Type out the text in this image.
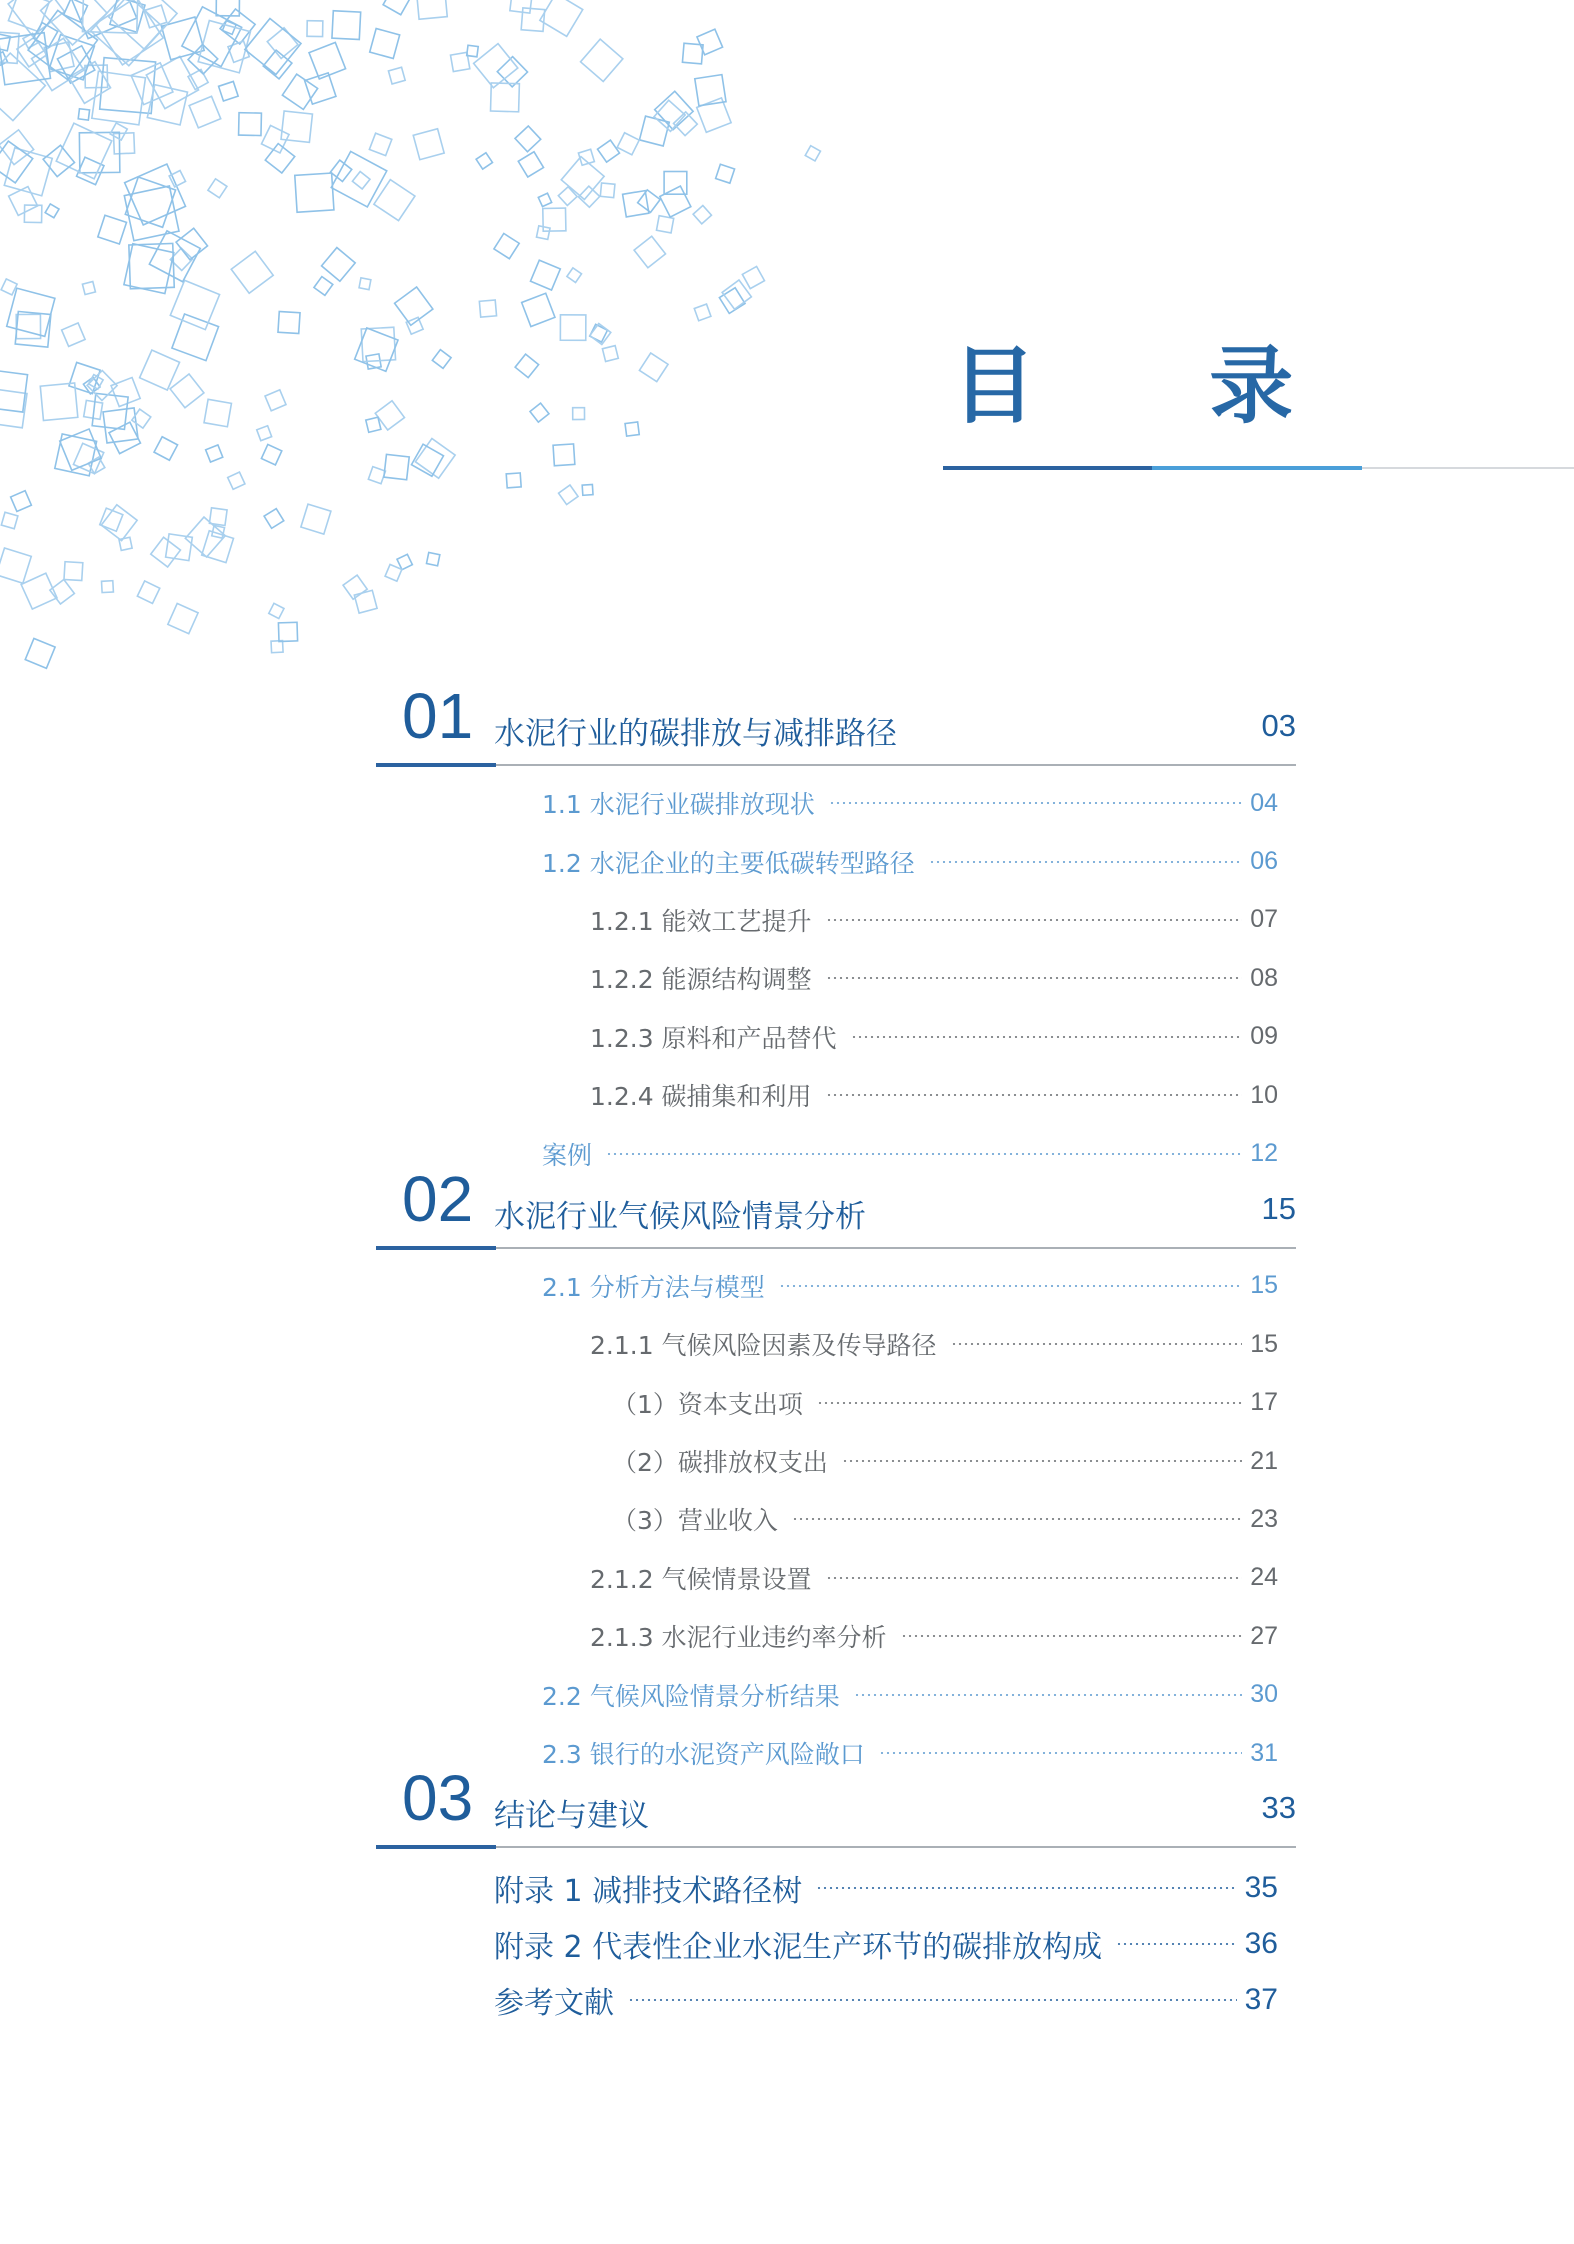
目 录
01 水泥行业的碳排放与减排路径	03
1.1 水泥行业碳排放现状	04
1.2 水泥企业的主要低碳转型路径	06
1.2.1 能效工艺提升	07
1.2.2 能源结构调整	08
1.2.3 原料和产品替代	09
1.2.4 碳捕集和利用	10
案例	12
02 水泥行业气候风险情景分析	15
2.1 分析方法与模型	15
2.1.1 气候风险因素及传导路径	15
（1）资本支出项	17
（2）碳排放权支出	21
（3）营业收入	23
2.1.2 气候情景设置	24
2.1.3 水泥行业违约率分析	27
2.2 气候风险情景分析结果	30
2.3 银行的水泥资产风险敞口	31
03 结论与建议	33
附录 1 减排技术路径树	35
附录 2 代表性企业水泥生产环节的碳排放构成	36
参考文献	37
